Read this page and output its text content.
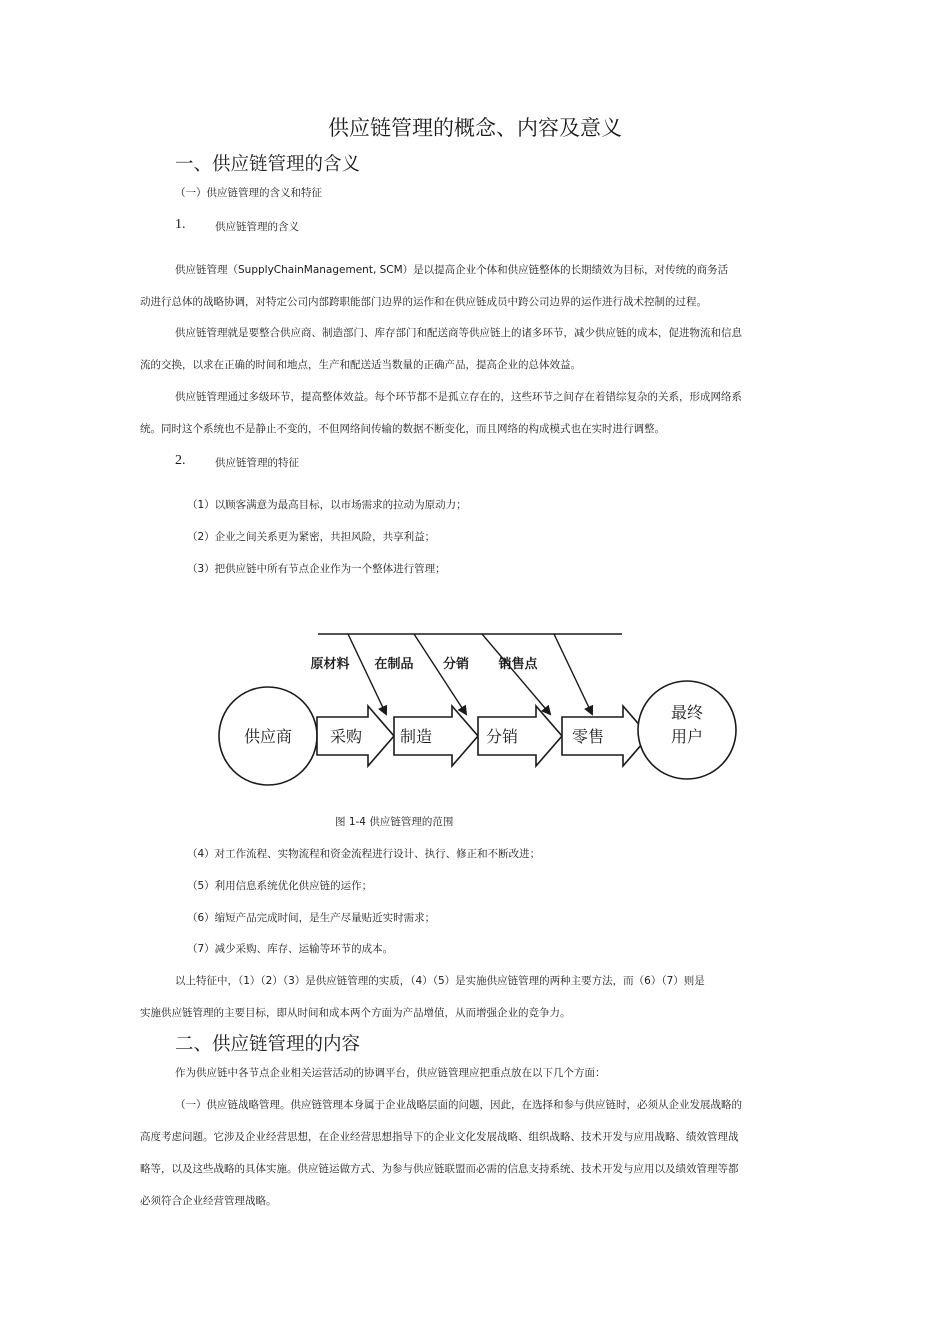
供应链管理的概念、内容及意义
一、供应链管理的含义
（一）供应链管理的含义和特征
1.	供应链管理的含义
供应链管理（SupplyChainManagement, SCM）是以提高企业个体和供应链整体的长期绩效为目标，对传统的商务活
动进行总体的战略协调，对特定公司内部跨职能部门边界的运作和在供应链成员中跨公司边界的运作进行战术控制的过程。
供应链管理就是要整合供应商、制造部门、库存部门和配送商等供应链上的诸多环节，减少供应链的成本，促进物流和信息
流的交换，以求在正确的时间和地点，生产和配送适当数量的正确产品，提高企业的总体效益。
供应链管理通过多级环节，提高整体效益。每个环节都不是孤立存在的，这些环节之间存在着错综复杂的关系，形成网络系
统。同时这个系统也不是静止不变的，不但网络间传输的数据不断变化，而且网络的构成模式也在实时进行调整。
2.	供应链管理的特征
（1）以顾客满意为最高目标，以市场需求的拉动为原动力；
（2）企业之间关系更为紧密，共担风险，共享利益；
（3）把供应链中所有节点企业作为一个整体进行管理；
原材料 在制品 分销 销售点
供应商 采购 制造	分销	零售
最终
用户
图 1-4 供应链管理的范围
（4）对工作流程、实物流程和资金流程进行设计、执行、修正和不断改进；
（5）利用信息系统优化供应链的运作；
（6）缩短产品完成时间，是生产尽量贴近实时需求；
（7）减少采购、库存、运输等环节的成本。
以上特征中，（1）（2）（3）是供应链管理的实质，（4）（5）是实施供应链管理的两种主要方法，而（6）（7）则是
实施供应链管理的主要目标，即从时间和成本两个方面为产品增值，从而增强企业的竞争力。
二、供应链管理的内容
作为供应链中各节点企业相关运营活动的协调平台，供应链管理应把重点放在以下几个方面：
（一）供应链战略管理。供应链管理本身属于企业战略层面的问题，因此，在选择和参与供应链时，必须从企业发展战略的
高度考虑问题。它涉及企业经营思想，在企业经营思想指导下的企业文化发展战略、组织战略、技术开发与应用战略、绩效管理战
略等，以及这些战略的具体实施。供应链运做方式、为参与供应链联盟而必需的信息支持系统、技术开发与应用以及绩效管理等都
必须符合企业经营管理战略。
